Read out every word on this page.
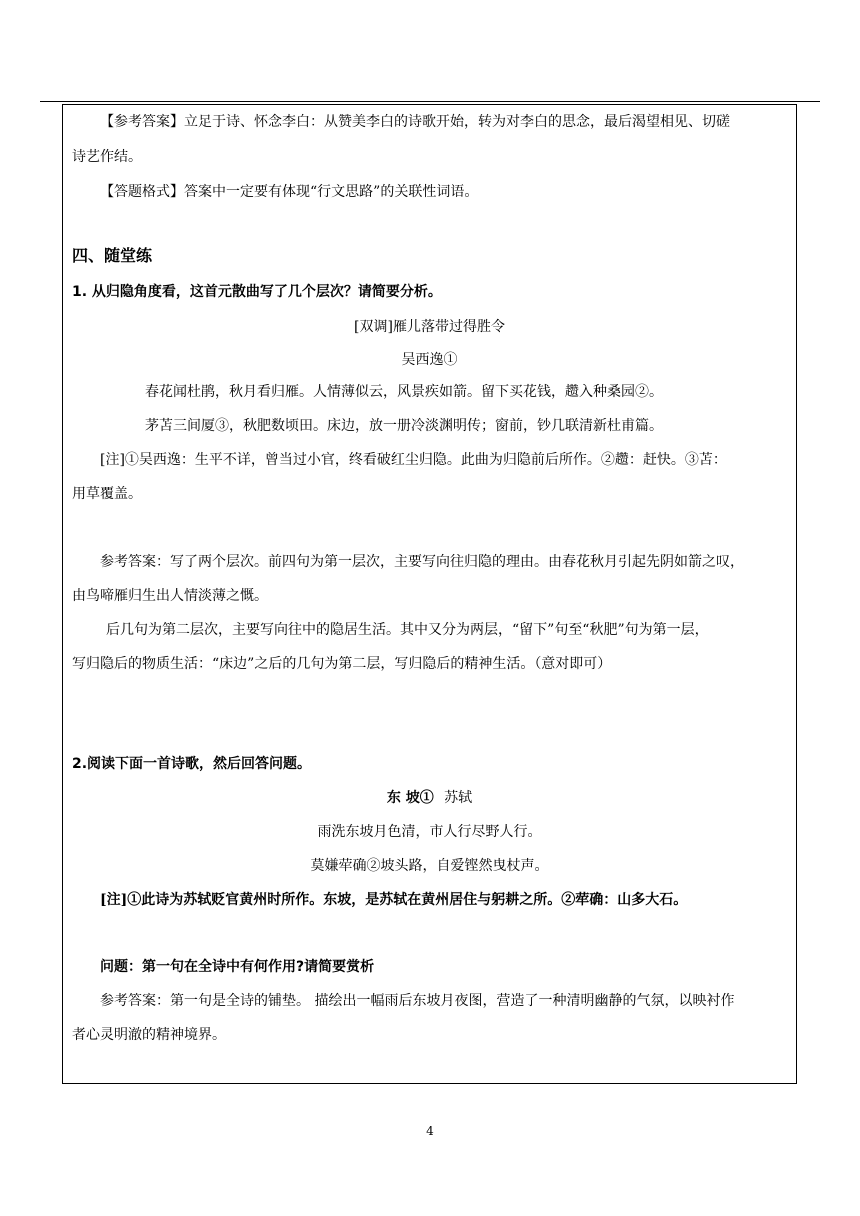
【参考答案】立足于诗、怀念李白：从赞美李白的诗歌开始，转为对李白的思念，最后渴望相见、切磋
诗艺作结。
【答题格式】答案中一定要有体现“行文思路”的关联性词语。
四、随堂练
1. 从归隐角度看，这首元散曲写了几个层次？请简要分析。
[双调]雁儿落带过得胜令
吴西逸①
春花闻杜鹃，秋月看归雁。人情薄似云，风景疾如箭。留下买花钱，趱入种桑园②。
茅苫三间厦③，秋肥数顷田。床边，放一册冷淡渊明传；窗前，钞几联清新杜甫篇。
[注]①吴西逸：生平不详，曾当过小官，终看破红尘归隐。此曲为归隐前后所作。②趱：赶快。③苫：
用草覆盖。
参考答案：写了两个层次。前四句为第一层次，主要写向往归隐的理由。由春花秋月引起先阴如箭之叹，
由鸟啼雁归生出人情淡薄之慨。
后几句为第二层次，主要写向往中的隐居生活。其中又分为两层，“留下”句至“秋肥”句为第一层，
写归隐后的物质生活：“床边”之后的几句为第二层，写归隐后的精神生活。（意对即可）
2.阅读下面一首诗歌，然后回答问题。
东 坡① 苏轼
雨洗东坡月色清，市人行尽野人行。
莫嫌荦确②坡头路，自爱铿然曳杖声。
[注]①此诗为苏轼贬官黄州时所作。东坡，是苏轼在黄州居住与躬耕之所。②荦确：山多大石。
问题：第一句在全诗中有何作用?请简要赏析
参考答案：第一句是全诗的铺垫。 描绘出一幅雨后东坡月夜图，营造了一种清明幽静的气氛，以映衬作
者心灵明澈的精神境界。
4
